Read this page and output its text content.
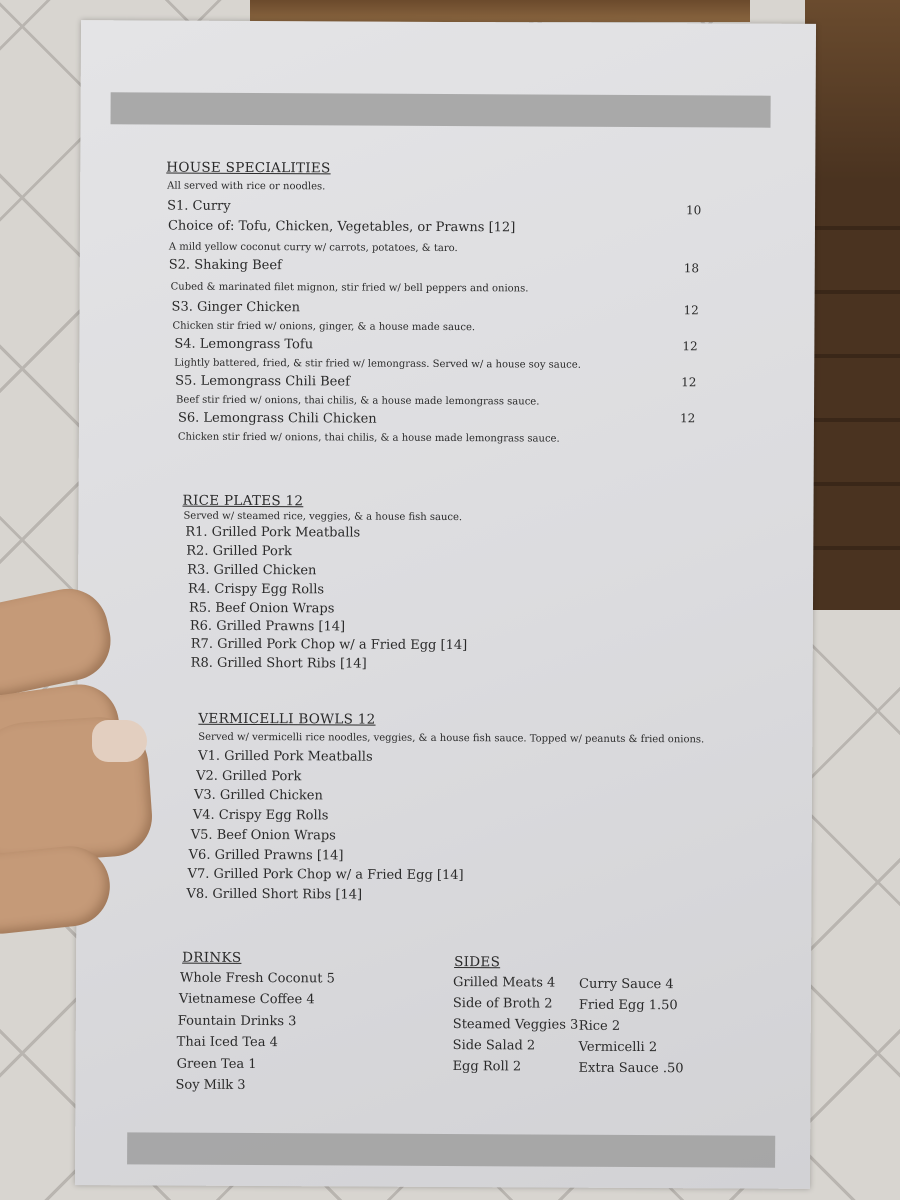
HOUSE SPECIALITIES
All served with rice or noodles.
S1. Curry	10
Choice of: Tofu, Chicken, Vegetables, or Prawns [12]
A mild yellow coconut curry w/ carrots, potatoes, & taro.
S2. Shaking Beef	18
Cubed & marinated filet mignon, stir fried w/ bell peppers and onions.
S3. Ginger Chicken	12
Chicken stir fried w/ onions, ginger, & a house made sauce.
S4. Lemongrass Tofu	12
Lightly battered, fried, & stir fried w/ lemongrass. Served w/ a house soy sauce.
S5. Lemongrass Chili Beef	12
Beef stir fried w/ onions, thai chilis, & a house made lemongrass sauce.
S6. Lemongrass Chili Chicken	12
Chicken stir fried w/ onions, thai chilis, & a house made lemongrass sauce.
RICE PLATES 12
Served w/ steamed rice, veggies, & a house fish sauce.
R1. Grilled Pork Meatballs
R2. Grilled Pork
R3. Grilled Chicken
R4. Crispy Egg Rolls
R5. Beef Onion Wraps
R6. Grilled Prawns [14]
R7. Grilled Pork Chop w/ a Fried Egg [14]
R8. Grilled Short Ribs [14]
VERMICELLI BOWLS 12
Served w/ vermicelli rice noodles, veggies, & a house fish sauce. Topped w/ peanuts & fried onions.
V1. Grilled Pork Meatballs
V2. Grilled Pork
V3. Grilled Chicken
V4. Crispy Egg Rolls
V5. Beef Onion Wraps
V6. Grilled Prawns [14]
V7. Grilled Pork Chop w/ a Fried Egg [14]
V8. Grilled Short Ribs [14]
DRINKS
Whole Fresh Coconut 5
Vietnamese Coffee 4
Fountain Drinks 3
Thai Iced Tea 4
Green Tea 1
Soy Milk 3
SIDES
Grilled Meats 4
Side of Broth 2
Steamed Veggies 3
Side Salad 2
Egg Roll 2
Curry Sauce 4
Fried Egg 1.50
Rice 2
Vermicelli 2
Extra Sauce .50
